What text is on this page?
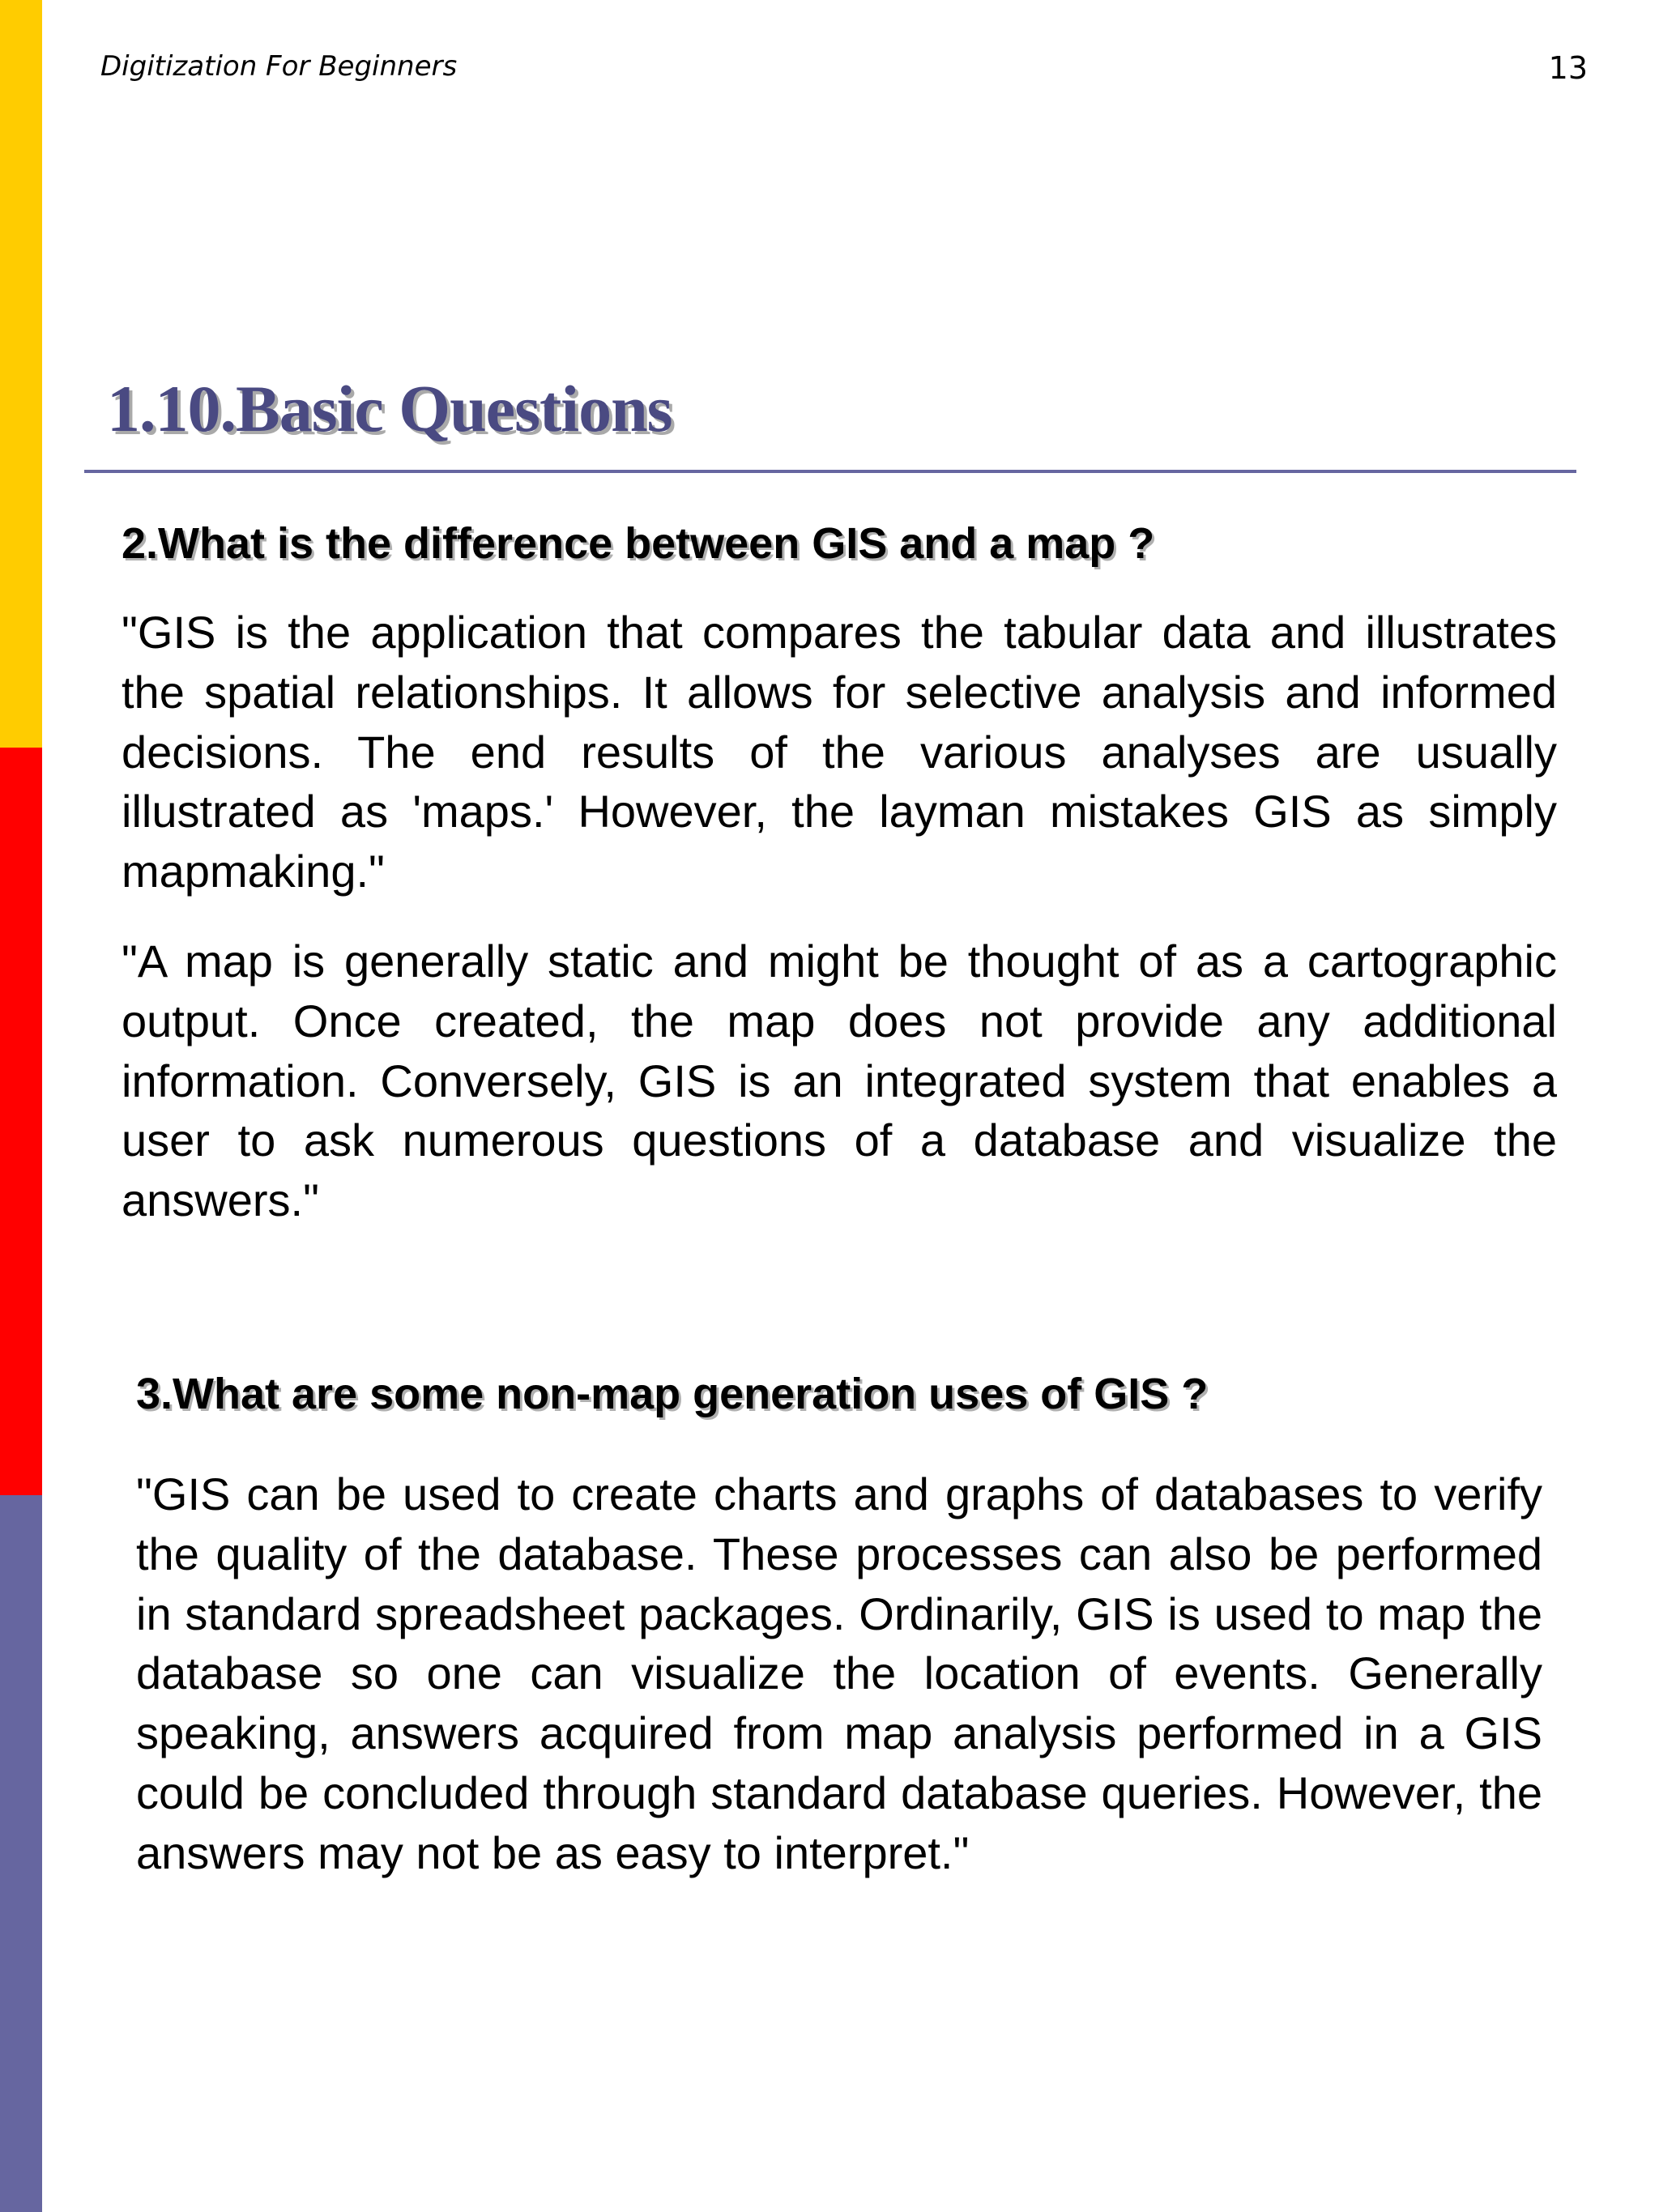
Digitization For Beginners	13
1.10.Basic Questions
2.What is the difference between GIS and a map ?

"GIS is the application that compares the tabular data and illustrates the spatial relationships. It allows for selective analysis and informed decisions. The end results of the various analyses are usually illustrated as 'maps.' However, the layman mistakes GIS as simply mapmaking."

"A map is generally static and might be thought of as a cartographic output. Once created, the map does not provide any additional information. Conversely, GIS is an integrated system that enables a user to ask numerous questions of a database and visualize the answers."

3.What are some non-map generation uses of GIS ?

"GIS can be used to create charts and graphs of databases to verify the quality of the database. These processes can also be performed in standard spreadsheet packages. Ordinarily, GIS is used to map the database so one can visualize the location of events. Generally speaking, answers acquired from map analysis performed in a GIS could be concluded through standard database queries. However, the answers may not be as easy to interpret."
